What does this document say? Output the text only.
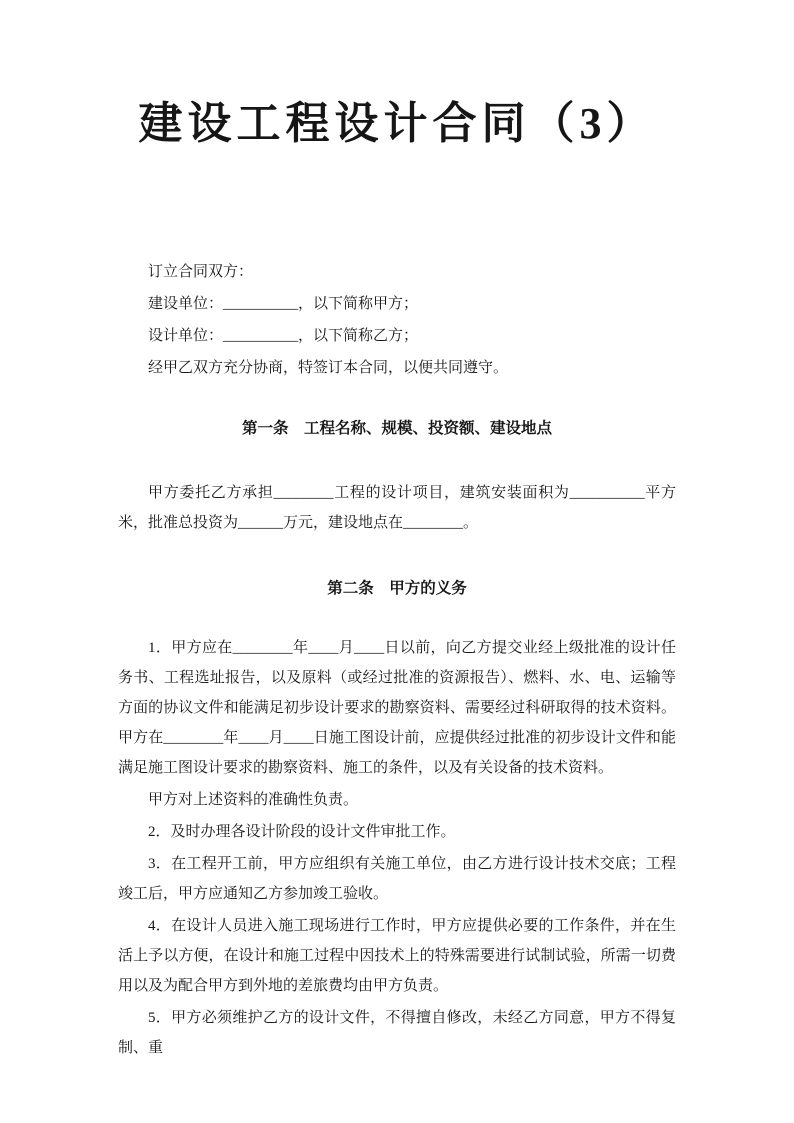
建设工程设计合同（3）

订立合同双方：

建设单位：__________，以下简称甲方；

设计单位：__________，以下简称乙方；

经甲乙双方充分协商，特签订本合同，以便共同遵守。

第一条　工程名称、规模、投资额、建设地点

甲方委托乙方承担________工程的设计项目，建筑安装面积为__________平方米，批准总投资为______万元，建设地点在________。

第二条　甲方的义务

1．甲方应在________年____月____日以前，向乙方提交业经上级批准的设计任务书、工程选址报告，以及原料（或经过批准的资源报告）、燃料、水、电、运输等方面的协议文件和能满足初步设计要求的勘察资料、需要经过科研取得的技术资料。甲方在________年____月____日施工图设计前，应提供经过批准的初步设计文件和能满足施工图设计要求的勘察资料、施工的条件，以及有关设备的技术资料。

甲方对上述资料的准确性负责。

2．及时办理各设计阶段的设计文件审批工作。

3．在工程开工前，甲方应组织有关施工单位，由乙方进行设计技术交底；工程竣工后，甲方应通知乙方参加竣工验收。

4．在设计人员进入施工现场进行工作时，甲方应提供必要的工作条件，并在生活上予以方便，在设计和施工过程中因技术上的特殊需要进行试制试验，所需一切费用以及为配合甲方到外地的差旅费均由甲方负责。

5．甲方必须维护乙方的设计文件，不得擅自修改，未经乙方同意，甲方不得复制、重
